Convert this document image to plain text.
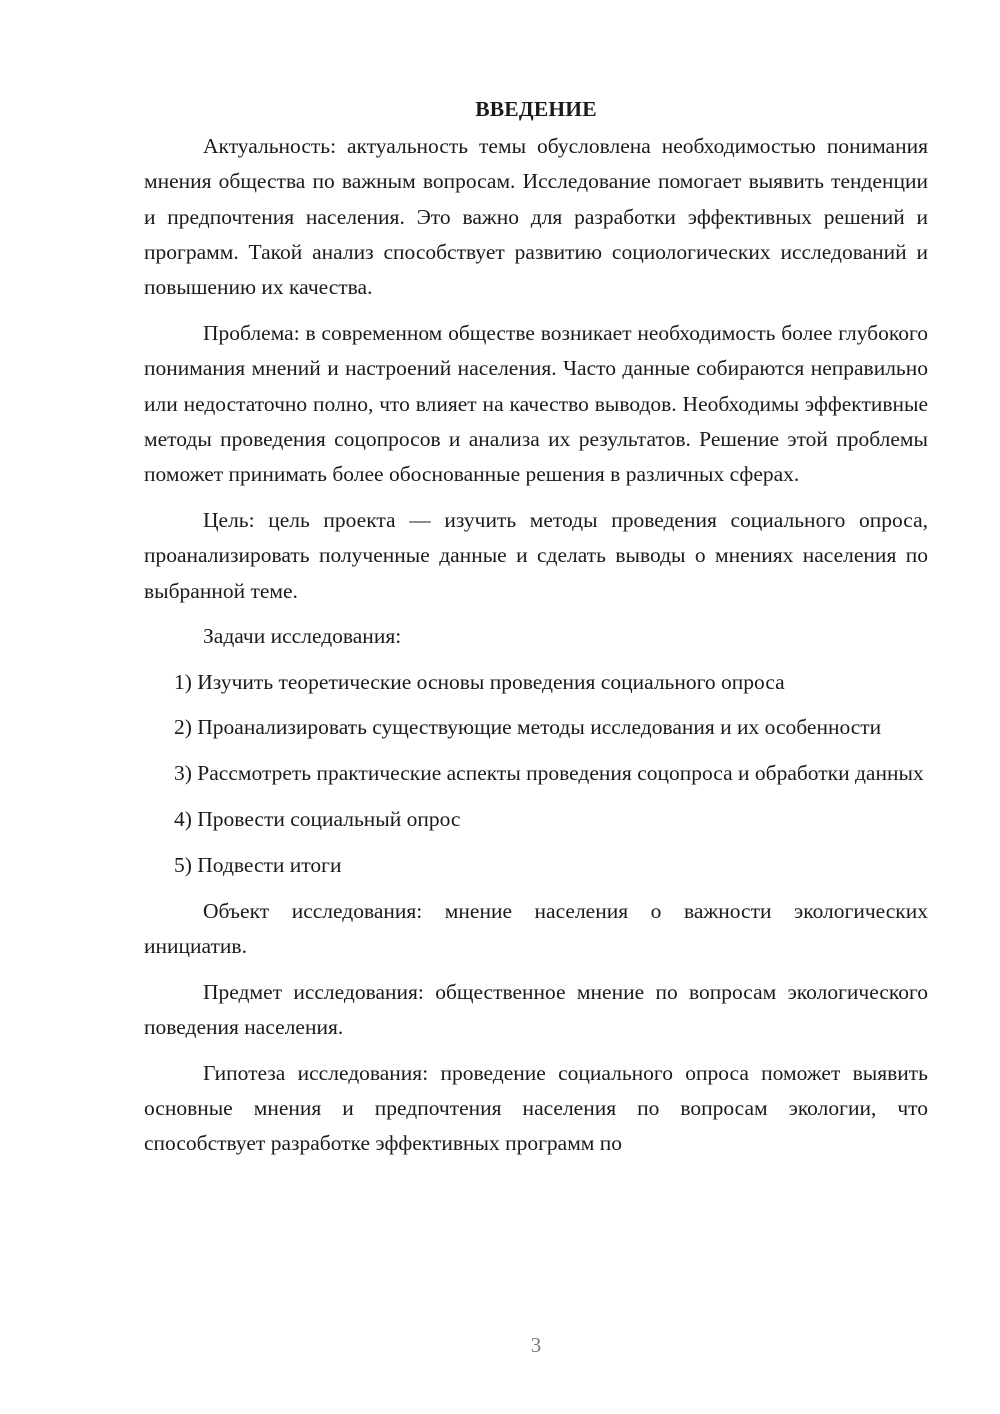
ВВЕДЕНИЕ

Актуальность: актуальность темы обусловлена необходимостью понимания мнения общества по важным вопросам. Исследование помогает выявить тенденции и предпочтения населения. Это важно для разработки эффективных решений и программ. Такой анализ способствует развитию социологических исследований и повышению их качества.

Проблема: в современном обществе возникает необходимость более глубокого понимания мнений и настроений населения. Часто данные собираются неправильно или недостаточно полно, что влияет на качество выводов. Необходимы эффективные методы проведения соцопросов и анализа их результатов. Решение этой проблемы поможет принимать более обоснованные решения в различных сферах.

Цель: цель проекта — изучить методы проведения социального опроса, проанализировать полученные данные и сделать выводы о мнениях населения по выбранной теме.

Задачи исследования:

1) Изучить теоретические основы проведения социального опроса

2) Проанализировать существующие методы исследования и их особенности

3) Рассмотреть практические аспекты проведения соцопроса и обработки данных

4) Провести социальный опрос

5) Подвести итоги

Объект исследования: мнение населения о важности экологических инициатив.

Предмет исследования: общественное мнение по вопросам экологического поведения населения.

Гипотеза исследования: проведение социального опроса поможет выявить основные мнения и предпочтения населения по вопросам экологии, что способствует разработке эффективных программ по

3
